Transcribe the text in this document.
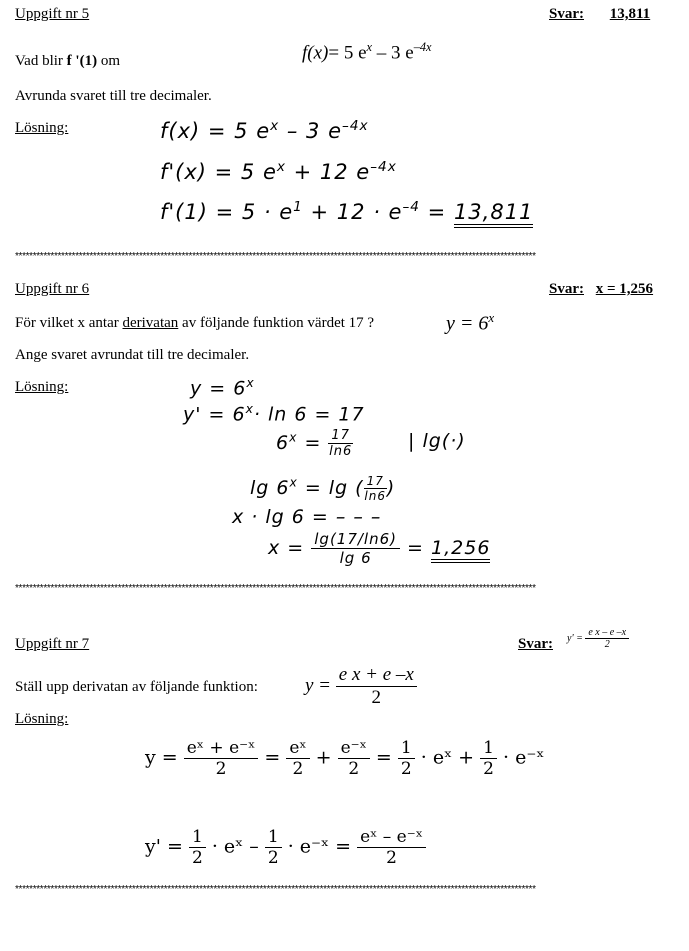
Uppgift nr 5	Svar: 13,811
Vad blir f '(1) om	f(x)= 5 $e^x - 3$ $e^{-4x}$
Avrunda svaret till tre decimaler.
Lösning:	f(x) = 5 $e^x - 3$ $e^{-4x}$
f'(x) = 5 $e^x + 12$ $e^{-4x}$
$f'(1) = 5 \cdot e^1 + 12 \cdot e^{-4} = 13,811$
***************************************************************************************************************************************************
Uppgift nr 6	Svar: x = 1,256
För vilket x antar derivatan av följande funktion värdet 17 ?	$y = 6^x$
Ange svaret avrundat till tre decimaler.
Lösning:	$y = 6^x$
$y' = 6^x\cdot \ln 6 = 17$
$6^x = \frac{17}{\ln 6}$	| lg(·)
$\lg 6^x = \lg$ ( $\frac{17}{\ln 6}$ )
x · lg 6 = – – –
$x = \frac{\lg(17/\ln 6)}{\lg 6} = 1,256$
***************************************************************************************************************************************************
Uppgift nr 7	Svar: $y' = \frac{\text{e x – e –x}}{2}$
Ställ upp derivatan av följande funktion: $y = \frac{\text{e x + e –x}}{2}$
Lösning:
$y = \frac{\text{eˣ + e⁻ˣ}}{2} = \frac{\text{eˣ}}{2} + \frac{\text{e⁻ˣ}}{2} = \frac{1}{2}$ · eˣ + $\frac{1}{2}$ · e⁻ˣ
$y' = \frac{1}{2}$ · eˣ – $\frac{1}{2}$ · e⁻ˣ = $\frac{\text{eˣ – e⁻ˣ}}{2}$
***************************************************************************************************************************************************
